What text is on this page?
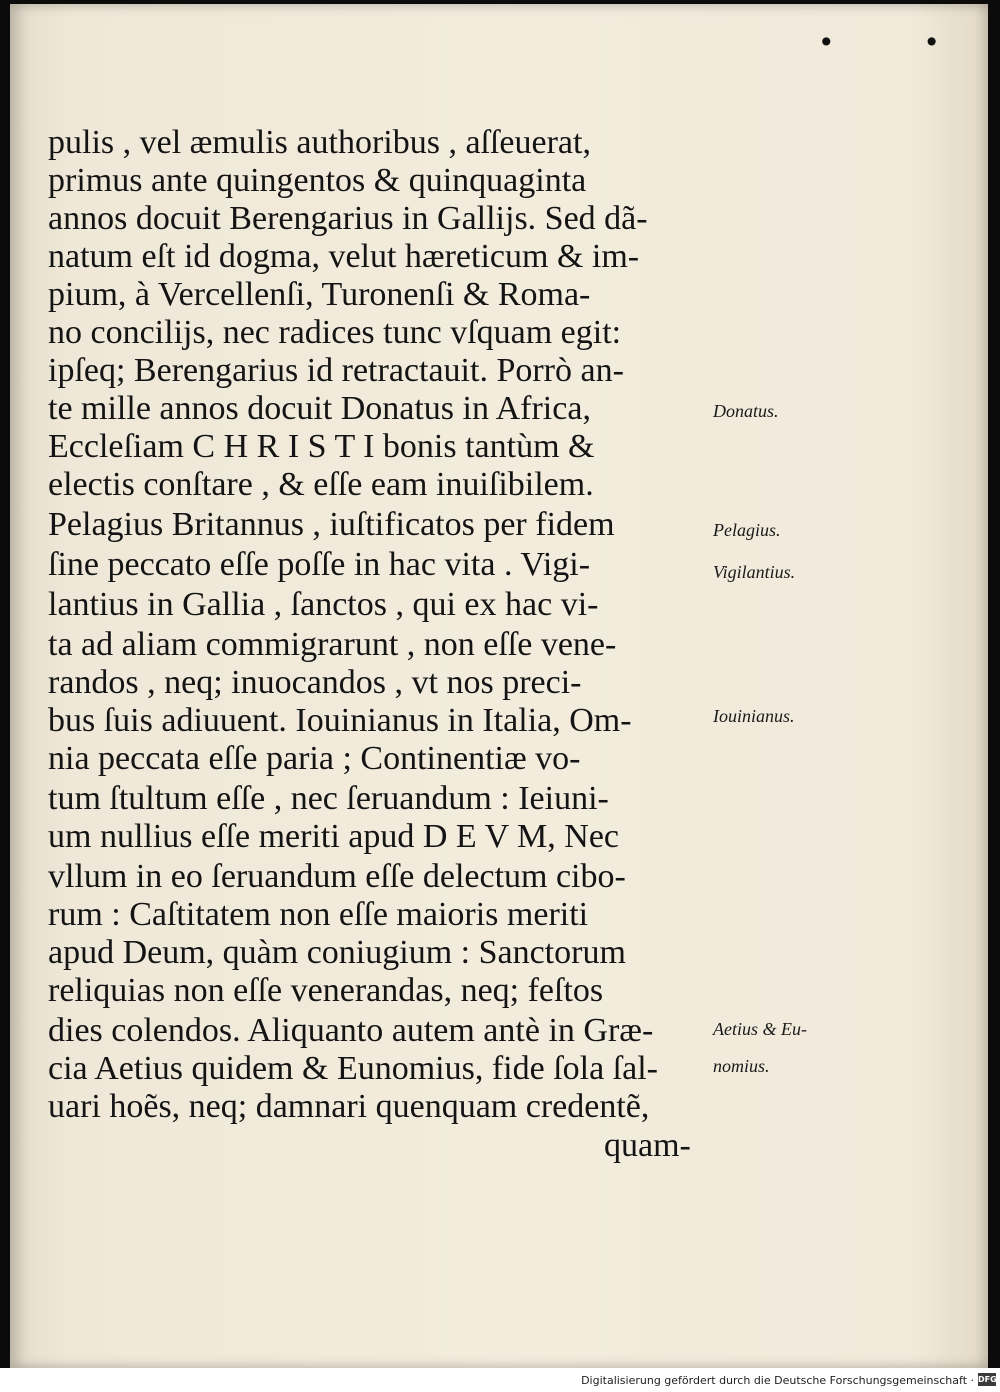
• •
pulis , vel æmulis authoribus , aſſeuerat,
primus ante quingentos & quinquaginta
annos docuit Berengarius in Gallijs. Sed dã-
natum eſt id dogma, velut hæreticum & im-
pium, à Vercellenſi, Turonenſi & Roma-
no concilijs, nec radices tunc vſquam egit:
ipſeq; Berengarius id retractauit. Porrò an-
te mille annos docuit Donatus in Africa,
Eccleſiam C H R I S T I bonis tantùm &
electis conſtare , & eſſe eam inuiſibilem.
Pelagius Britannus , iuſtificatos per fidem
ſine peccato eſſe poſſe in hac vita . Vigi-
lantius in Gallia , ſanctos , qui ex hac vi-
ta ad aliam commigrarunt , non eſſe vene-
randos , neq; inuocandos , vt nos preci-
bus ſuis adiuuent. Iouinianus in Italia, Om-
nia peccata eſſe paria ; Continentiæ vo-
tum ſtultum eſſe , nec ſeruandum : Ieiuni-
um nullius eſſe meriti apud D E V M, Nec
vllum in eo ſeruandum eſſe delectum cibo-
rum : Caſtitatem non eſſe maioris meriti
apud Deum, quàm coniugium : Sanctorum
reliquias non eſſe venerandas, neq; feſtos
dies colendos. Aliquanto autem antè in Græ-
cia Aetius quidem & Eunomius, fide ſola ſal-
uari hoẽs, neq; damnari quenquam credentẽ,
quam-
Donatus.
Pelagius.
Vigilantius.
Iouinianus.
Aetius & Eu-
nomius.
Digitalisierung gefördert durch die Deutsche Forschungsgemeinschaft · DFG
